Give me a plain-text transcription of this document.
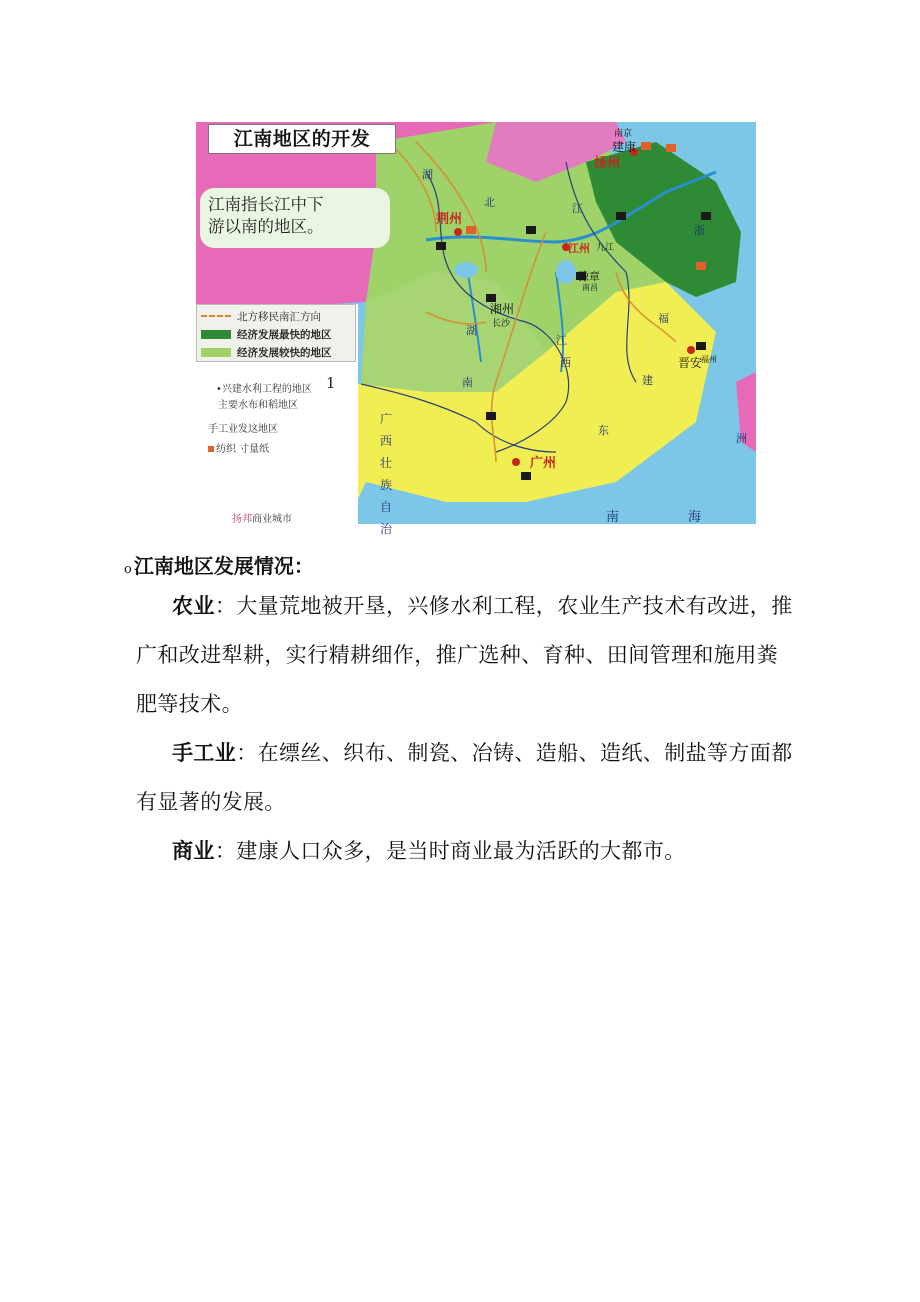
江南地区的开发
江南指长江中下
游以南的地区。
南京
建康
扬州
荆州
江州 九江
豫章
南昌
湘州
长沙
晋安
福州
广州
湖
北	江
江
西
湖
南
福
建
浙
洲
东
南	海
广西壮族自治
北方移民南汇方向
经济发展最快的地区
经济发展较快的地区
•兴建水利工程的地区 1
主要水布和稻地区
手工业发这地区
纺织 寸量纸
扬邦商业城市
o 江南地区发展情况：
农业：大量荒地被开垦，兴修水利工程，农业生产技术有改进，推广和改进犁耕，实行精耕细作，推广选种、育种、田间管理和施用粪肥等技术。
手工业：在缥丝、织布、制瓷、冶铸、造船、造纸、制盐等方面都有显著的发展。
商业：建康人口众多，是当时商业最为活跃的大都市。
